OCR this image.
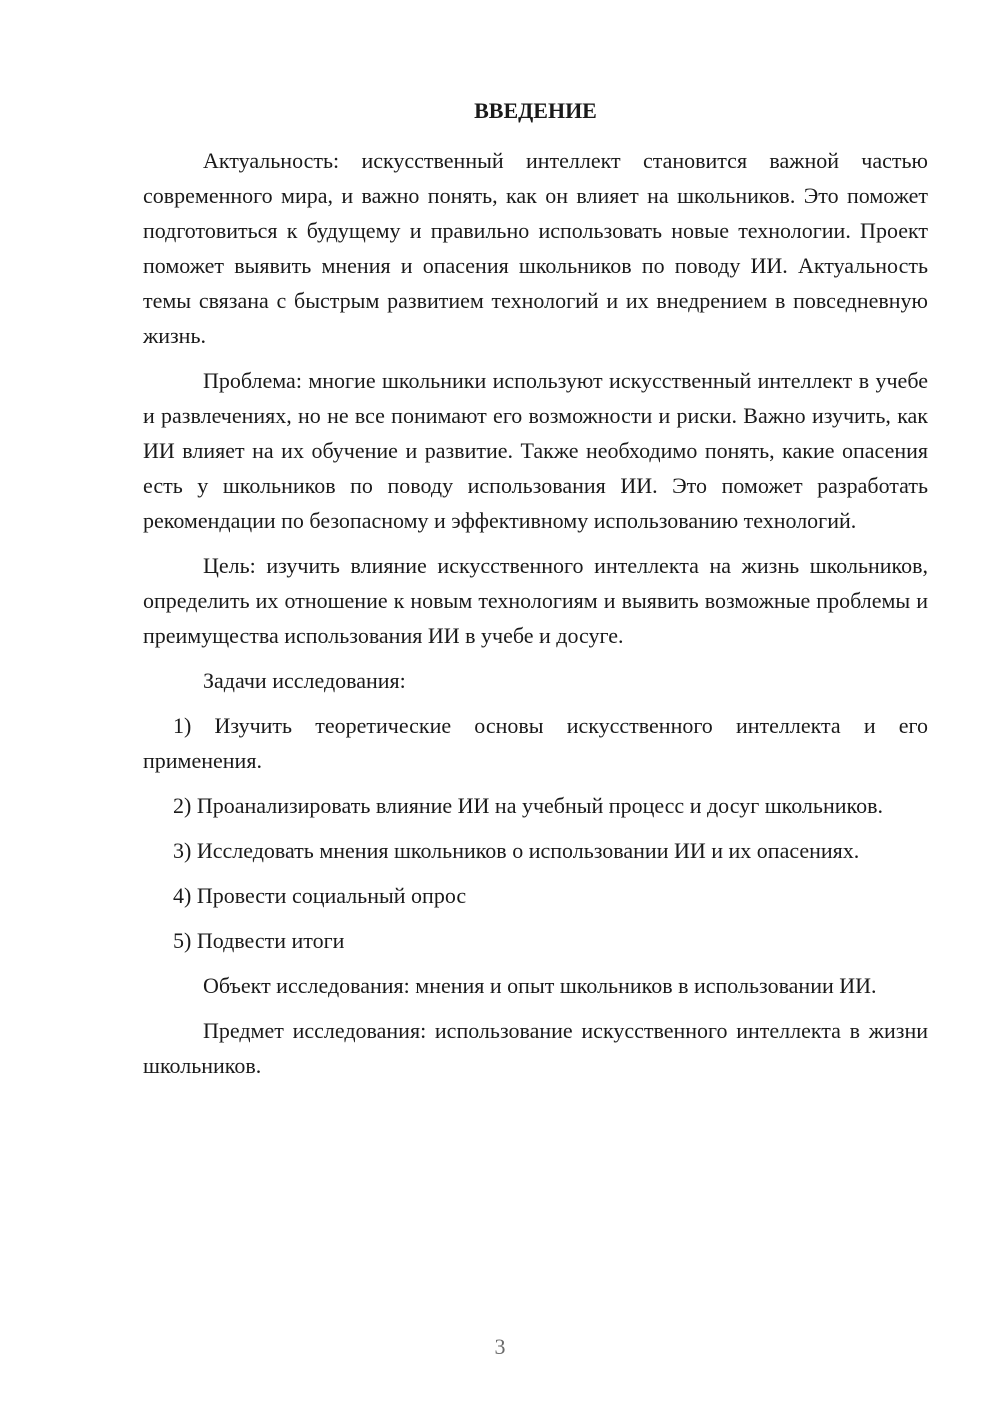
ВВЕДЕНИЕ

Актуальность: искусственный интеллект становится важной частью современного мира, и важно понять, как он влияет на школьников. Это поможет подготовиться к будущему и правильно использовать новые технологии. Проект поможет выявить мнения и опасения школьников по поводу ИИ. Актуальность темы связана с быстрым развитием технологий и их внедрением в повседневную жизнь.

Проблема: многие школьники используют искусственный интеллект в учебе и развлечениях, но не все понимают его возможности и риски. Важно изучить, как ИИ влияет на их обучение и развитие. Также необходимо понять, какие опасения есть у школьников по поводу использования ИИ. Это поможет разработать рекомендации по безопасному и эффективному использованию технологий.

Цель: изучить влияние искусственного интеллекта на жизнь школьников, определить их отношение к новым технологиям и выявить возможные проблемы и преимущества использования ИИ в учебе и досуге.

Задачи исследования:

1) Изучить теоретические основы искусственного интеллекта и его применения.

2) Проанализировать влияние ИИ на учебный процесс и досуг школьников.

3) Исследовать мнения школьников о использовании ИИ и их опасениях.

4) Провести социальный опрос

5) Подвести итоги

Объект исследования: мнения и опыт школьников в использовании ИИ.

Предмет исследования: использование искусственного интеллекта в жизни школьников.

3
